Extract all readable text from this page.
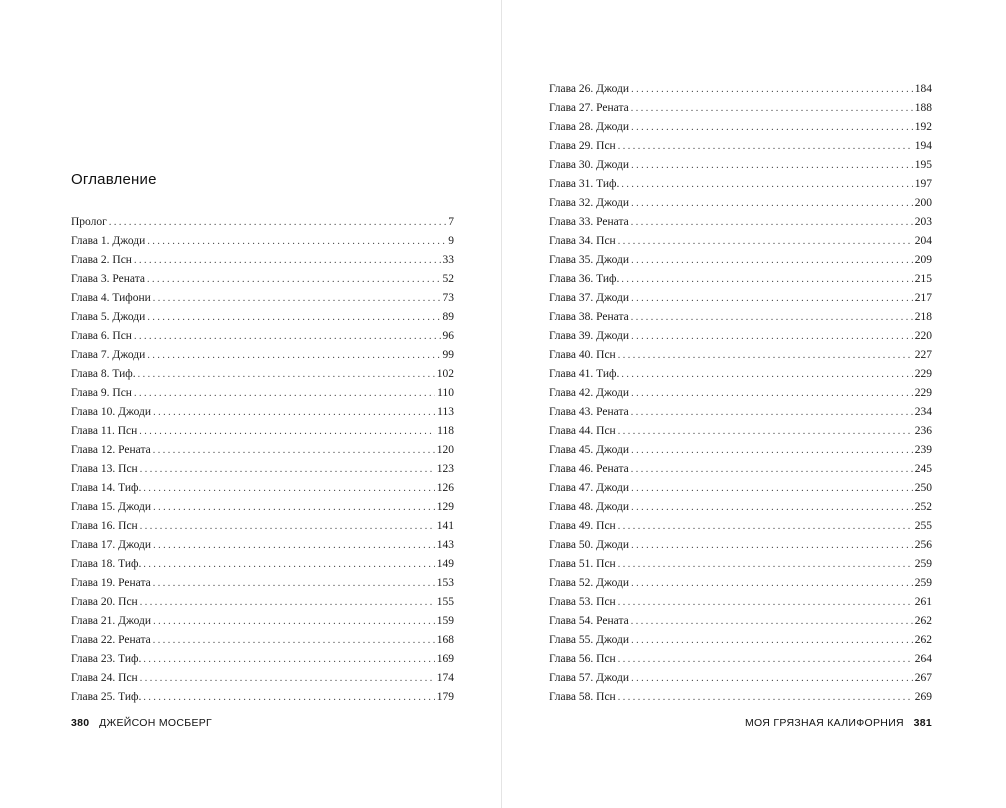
Оглавление
Пролог . . .	7
Глава 1. Джоди . . .	9
Глава 2. Псн . . .	33
Глава 3. Рената . . .	52
Глава 4. Тифони . . .	73
Глава 5. Джоди . . .	89
Глава 6. Псн . . .	96
Глава 7. Джоди . . .	99
Глава 8. Тиф. . . .	102
Глава 9. Псн . . .	110
Глава 10. Джоди . . .	113
Глава 11. Псн . . .	118
Глава 12. Рената . . .	120
Глава 13. Псн . . .	123
Глава 14. Тиф. . . .	126
Глава 15. Джоди . . .	129
Глава 16. Псн . . .	141
Глава 17. Джоди . . .	143
Глава 18. Тиф. . . .	149
Глава 19. Рената . . .	153
Глава 20. Псн . . .	155
Глава 21. Джоди . . .	159
Глава 22. Рената . . .	168
Глава 23. Тиф. . . .	169
Глава 24. Псн . . .	174
Глава 25. Тиф. . . .	179
380 ДЖЕЙСОН МОСБЕРГ
Глава 26. Джоди . . .	184
Глава 27. Рената . . .	188
Глава 28. Джоди . . .	192
Глава 29. Псн . . .	194
Глава 30. Джоди . . .	195
Глава 31. Тиф. . . .	197
Глава 32. Джоди . . .	200
Глава 33. Рената . . .	203
Глава 34. Псн . . .	204
Глава 35. Джоди . . .	209
Глава 36. Тиф. . . .	215
Глава 37. Джоди . . .	217
Глава 38. Рената . . .	218
Глава 39. Джоди . . .	220
Глава 40. Псн . . .	227
Глава 41. Тиф. . . .	229
Глава 42. Джоди . . .	229
Глава 43. Рената . . .	234
Глава 44. Псн . . .	236
Глава 45. Джоди . . .	239
Глава 46. Рената . . .	245
Глава 47. Джоди . . .	250
Глава 48. Джоди . . .	252
Глава 49. Псн . . .	255
Глава 50. Джоди . . .	256
Глава 51. Псн . . .	259
Глава 52. Джоди . . .	259
Глава 53. Псн . . .	261
Глава 54. Рената . . .	262
Глава 55. Джоди . . .	262
Глава 56. Псн . . .	264
Глава 57. Джоди . . .	267
Глава 58. Псн . . .	269
МОЯ ГРЯЗНАЯ КАЛИФОРНИЯ 381
